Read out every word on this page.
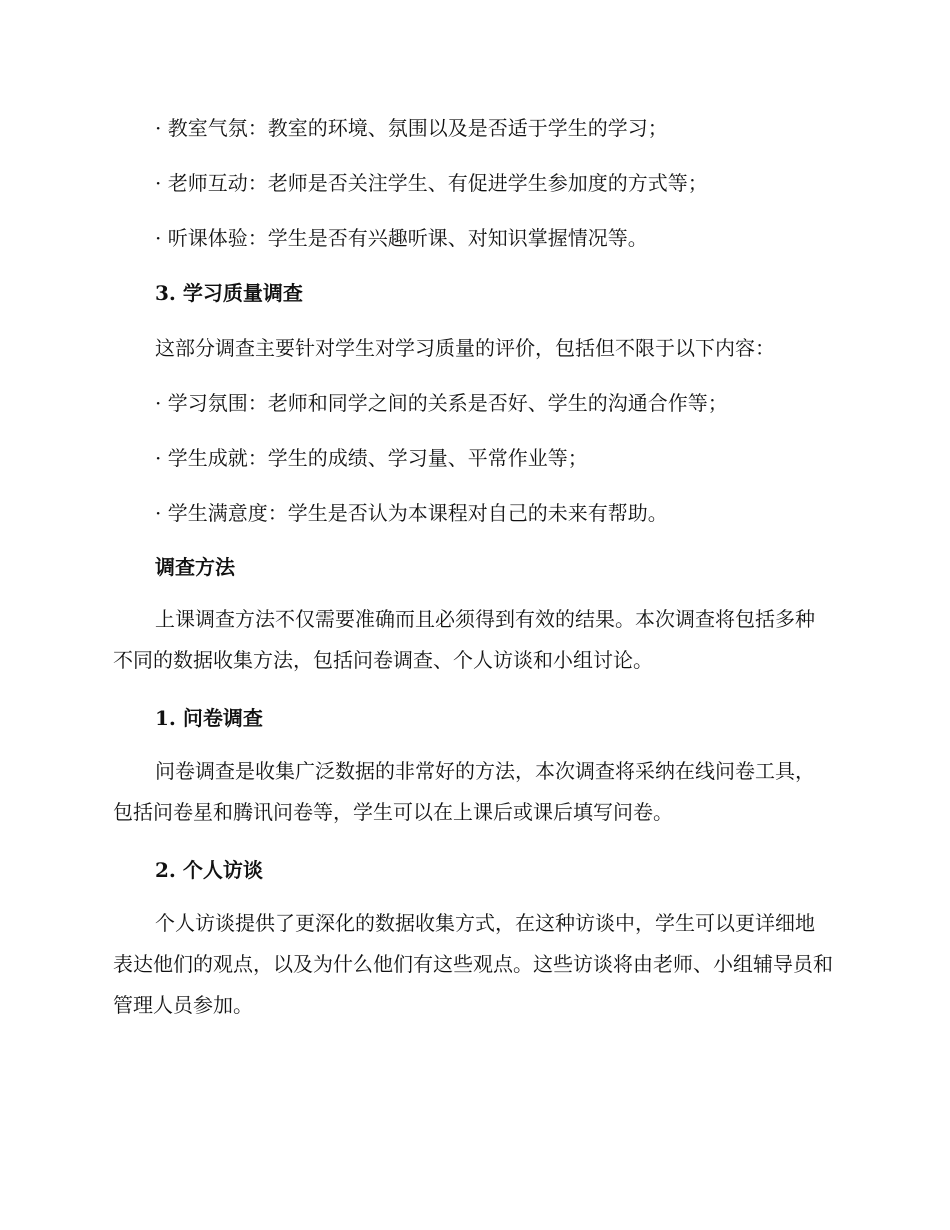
· 教室气氛：教室的环境、氛围以及是否适于学生的学习；
· 老师互动：老师是否关注学生、有促进学生参加度的方式等；
· 听课体验：学生是否有兴趣听课、对知识掌握情况等。
3. 学习质量调查
这部分调查主要针对学生对学习质量的评价，包括但不限于以下内容：
· 学习氛围：老师和同学之间的关系是否好、学生的沟通合作等；
· 学生成就：学生的成绩、学习量、平常作业等；
· 学生满意度：学生是否认为本课程对自己的未来有帮助。
调查方法
上课调查方法不仅需要准确而且必须得到有效的结果。本次调查将包括多种不同的数据收集方法，包括问卷调查、个人访谈和小组讨论。
1. 问卷调查
问卷调查是收集广泛数据的非常好的方法，本次调查将采纳在线问卷工具，包括问卷星和腾讯问卷等，学生可以在上课后或课后填写问卷。
2. 个人访谈
个人访谈提供了更深化的数据收集方式，在这种访谈中，学生可以更详细地表达他们的观点，以及为什么他们有这些观点。这些访谈将由老师、小组辅导员和管理人员参加。
